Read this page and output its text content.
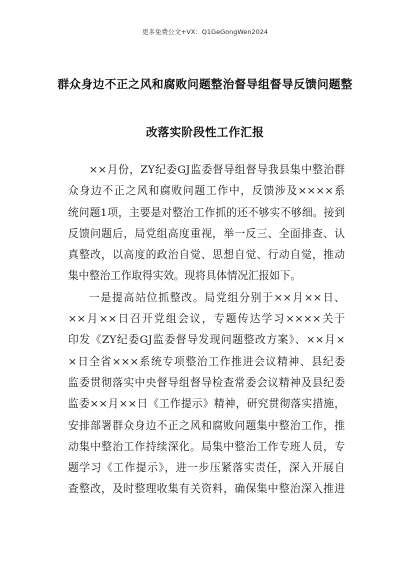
更多免费公文+VX：Q1GeGongWen2024
群众身边不正之风和腐败问题整治督导组督导反馈问题整
改落实阶段性工作汇报
××月份，ZY纪委GJ监委督导组督导我县集中整治群
众身边不正之风和腐败问题工作中，反馈涉及××××系
统问题1项，主要是对整治工作抓的还不够实不够细。接到
反馈问题后，局党组高度重视，举一反三、全面排查、认
真整改，以高度的政治自觉、思想自觉、行动自觉，推动
集中整治工作取得实效。现将具体情况汇报如下。
一是提高站位抓整改。局党组分别于××月××日、
××月××日召开党组会议，专题传达学习××××关于
印发《ZY纪委GJ监委督导发现问题整改方案》、××月×
×日全省×××系统专项整治工作推进会议精神、县纪委
监委贯彻落实中央督导组督导检查常委会议精神及县纪委
监委××月××日《工作提示》精神，研究贯彻落实措施，
安排部署群众身边不正之风和腐败问题集中整治工作，推
动集中整治工作持续深化。局集中整治工作专班人员，专
题学习《工作提示》，进一步压紧落实责任，深入开展自
查整改，及时整理收集有关资料，确保集中整治深入推进
